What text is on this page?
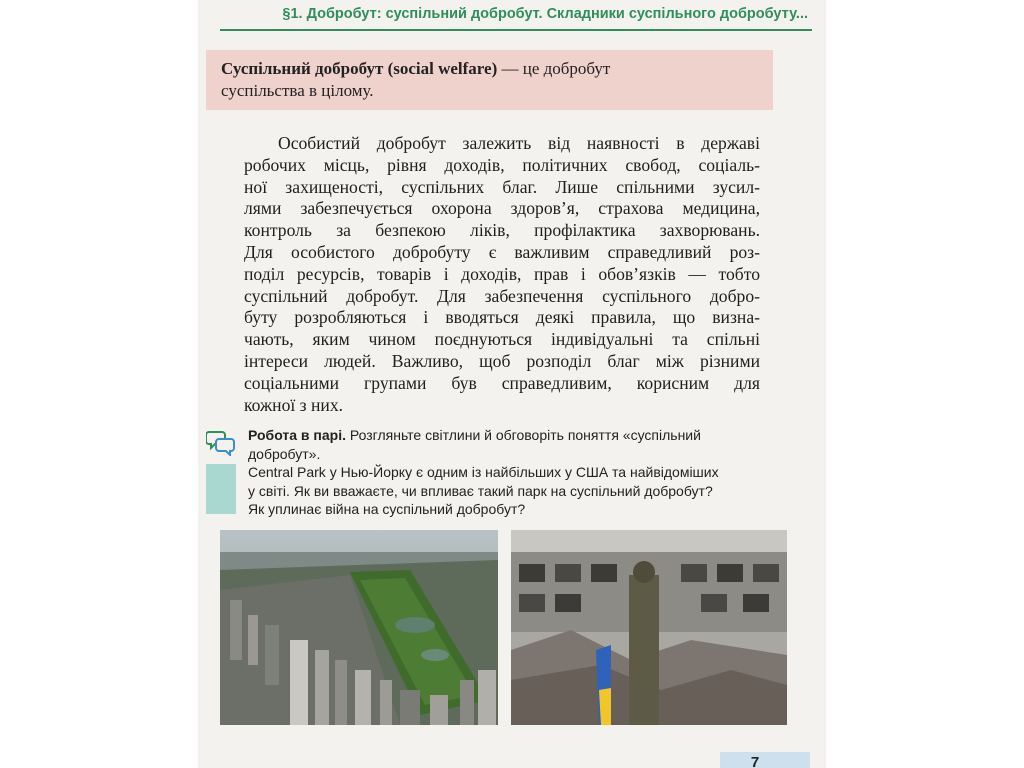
§1. Добробут: суспільний добробут. Складники суспільного добробуту...
Суспільний добробут (social welfare) — це добробут
суспільства в цілому.
Особистий добробут залежить від наявності в державі
робочих місць, рівня доходів, політичних свобод, соціаль-
ної захищеності, суспільних благ. Лише спільними зусил-
лями забезпечується охорона здоров’я, страхова медицина,
контроль за безпекою ліків, профілактика захворювань.
Для особистого добробуту є важливим справедливий роз-
поділ ресурсів, товарів і доходів, прав і обов’язків — тобто
суспільний добробут. Для забезпечення суспільного добро-
буту розробляються і вводяться деякі правила, що визна-
чають, яким чином поєднуються індивідуальні та спільні
інтереси людей. Важливо, щоб розподіл благ між різними
соціальними групами був справедливим, корисним для
кожної з них.
Робота в парі. Розгляньте світлини й обговоріть поняття «суспільний
добробут».
Central Park у Нью-Йорку є одним із найбільших у США та найвідоміших
у світі. Як ви вважаєте, чи впливає такий парк на суспільний добробут?
Як уплинає війна на суспільний добробут?
7
